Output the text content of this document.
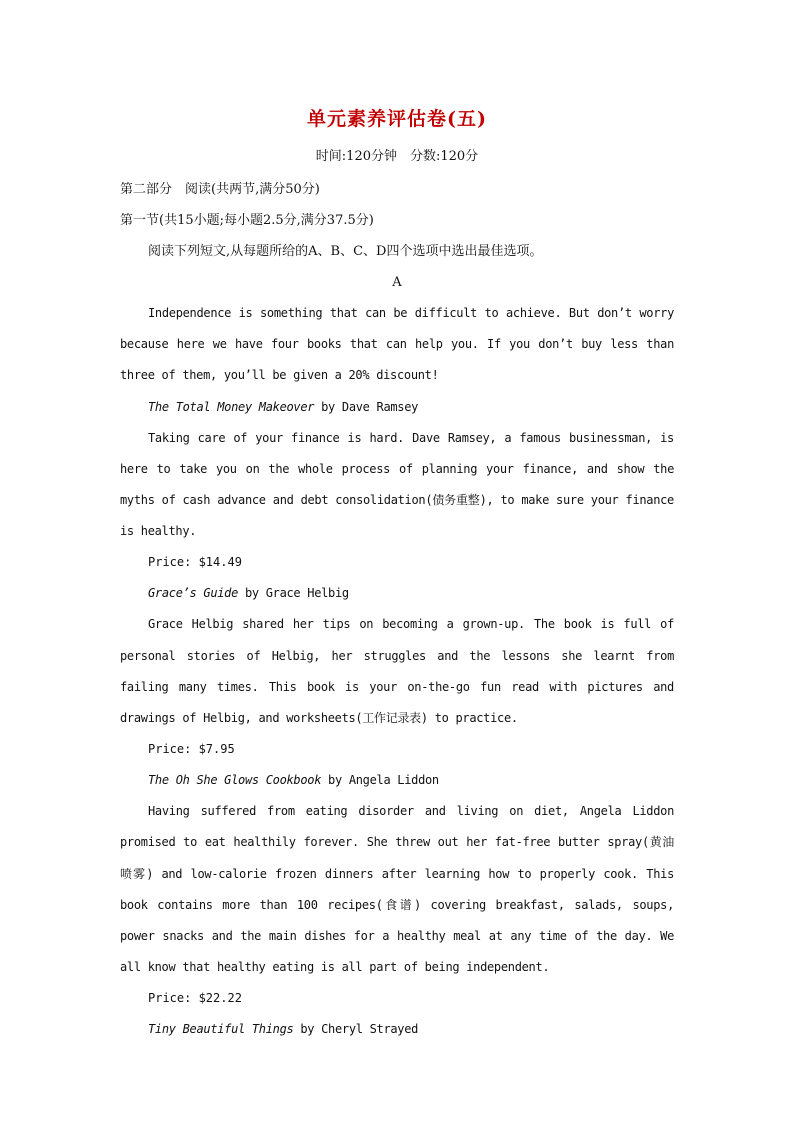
单元素养评估卷(五)

时间:120分钟　分数:120分

第二部分　阅读(共两节,满分50分)

第一节(共15小题;每小题2.5分,满分37.5分)

阅读下列短文,从每题所给的A、B、C、D四个选项中选出最佳选项。

A

Independence is something that can be difficult to achieve. But don’t worry because here we have four books that can help you. If you don’t buy less than three of them, you’ll be given a 20% discount!

The Total Money Makeover by Dave Ramsey

Taking care of your finance is hard. Dave Ramsey, a famous businessman, is here to take you on the whole process of planning your finance, and show the myths of cash advance and debt consolidation(债务重整), to make sure your finance is healthy.

Price: $14.49

Grace’s Guide by Grace Helbig

Grace Helbig shared her tips on becoming a grown-up. The book is full of personal stories of Helbig, her struggles and the lessons she learnt from failing many times. This book is your on-the-go fun read with pictures and drawings of Helbig, and worksheets(工作记录表) to practice.

Price: $7.95

The Oh She Glows Cookbook by Angela Liddon

Having suffered from eating disorder and living on diet, Angela Liddon promised to eat healthily forever. She threw out her fat-free butter spray(黄油喷雾) and low-calorie frozen dinners after learning how to properly cook. This book contains more than 100 recipes(食谱) covering breakfast, salads, soups, power snacks and the main dishes for a healthy meal at any time of the day. We all know that healthy eating is all part of being independent.

Price: $22.22

Tiny Beautiful Things by Cheryl Strayed
